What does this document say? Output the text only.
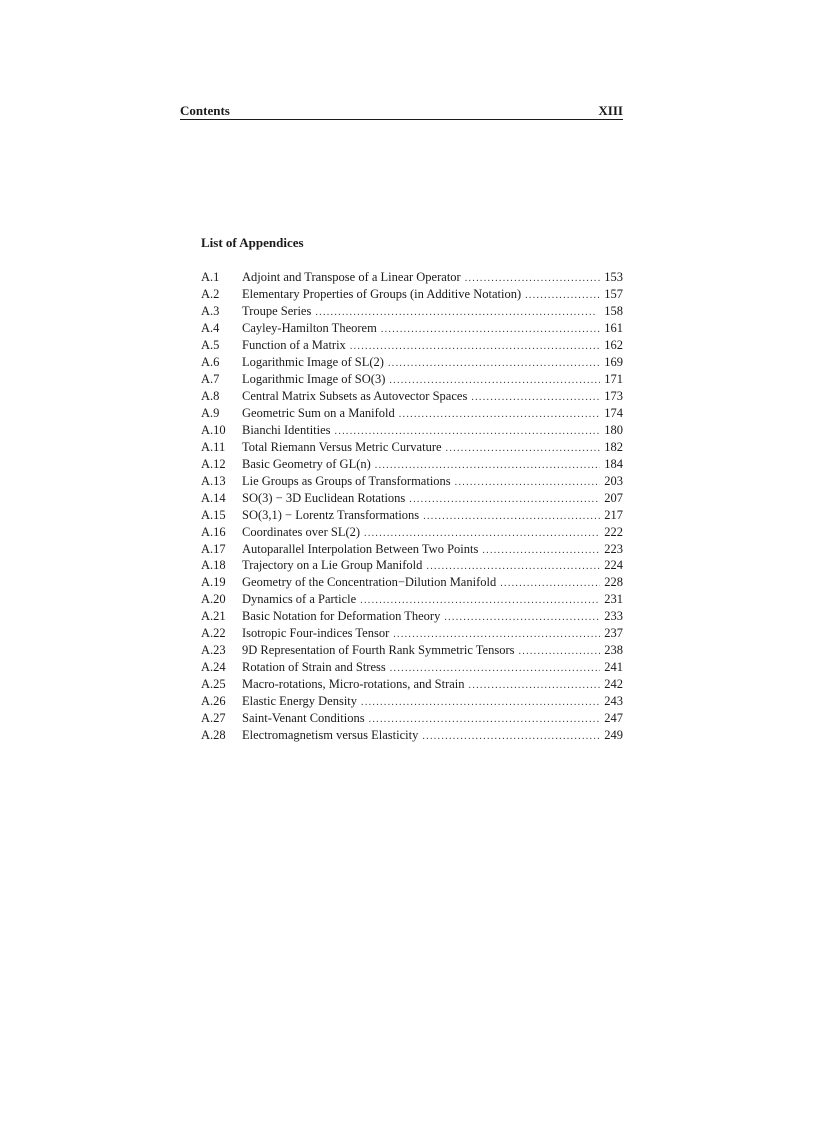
Contents	XIII
List of Appendices
A.1	Adjoint and Transpose of a Linear Operator . . .	153
A.2	Elementary Properties of Groups (in Additive Notation) . . .	157
A.3	Troupe Series . . .	158
A.4	Cayley-Hamilton Theorem . . .	161
A.5	Function of a Matrix . . .	162
A.6	Logarithmic Image of SL(2) . . .	169
A.7	Logarithmic Image of SO(3) . . .	171
A.8	Central Matrix Subsets as Autovector Spaces . . .	173
A.9	Geometric Sum on a Manifold . . .	174
A.10	Bianchi Identities . . .	180
A.11	Total Riemann Versus Metric Curvature . . .	182
A.12	Basic Geometry of GL(n) . . .	184
A.13	Lie Groups as Groups of Transformations . . .	203
A.14	SO(3) − 3D Euclidean Rotations . . .	207
A.15	SO(3,1) − Lorentz Transformations . . .	217
A.16	Coordinates over SL(2) . . .	222
A.17	Autoparallel Interpolation Between Two Points . . .	223
A.18	Trajectory on a Lie Group Manifold . . .	224
A.19	Geometry of the Concentration−Dilution Manifold . . .	228
A.20	Dynamics of a Particle . . .	231
A.21	Basic Notation for Deformation Theory . . .	233
A.22	Isotropic Four-indices Tensor . . .	237
A.23	9D Representation of Fourth Rank Symmetric Tensors . . .	238
A.24	Rotation of Strain and Stress . . .	241
A.25	Macro-rotations, Micro-rotations, and Strain . . .	242
A.26	Elastic Energy Density . . .	243
A.27	Saint-Venant Conditions . . .	247
A.28	Electromagnetism versus Elasticity . . .	249
